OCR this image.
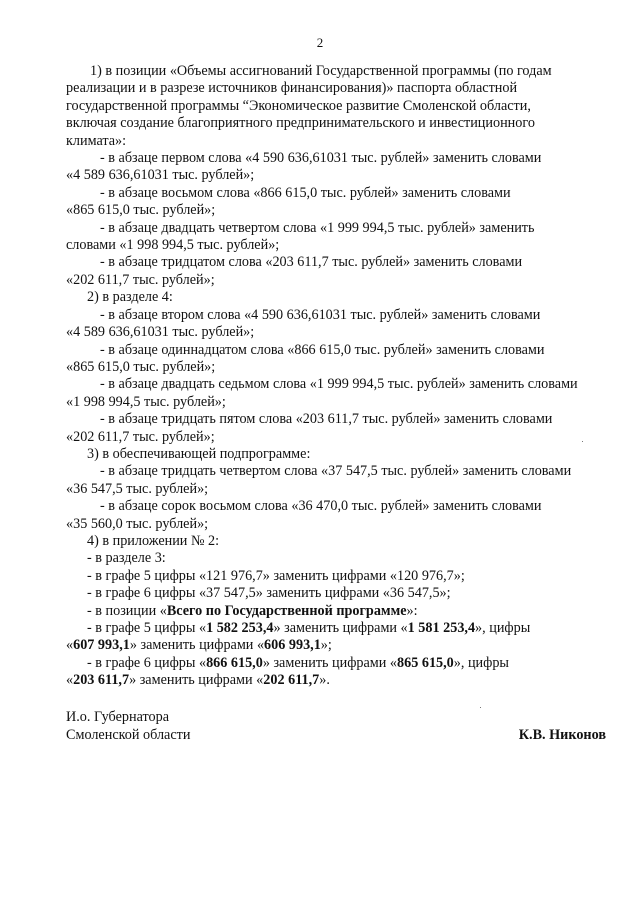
2

1) в позиции «Объемы ассигнований Государственной программы (по годам

реализации и в разрезе источников финансирования)» паспорта областной

государственной программы “Экономическое развитие Смоленской области,

включая создание благоприятного предпринимательского и инвестиционного

климата»:

- в абзаце первом слова «4 590 636,61031 тыс. рублей» заменить словами

«4 589 636,61031 тыс. рублей»;

- в абзаце восьмом слова «866 615,0 тыс. рублей» заменить словами

«865 615,0 тыс. рублей»;

- в абзаце двадцать четвертом слова «1 999 994,5 тыс. рублей» заменить

словами «1 998 994,5 тыс. рублей»;

- в абзаце тридцатом слова «203 611,7 тыс. рублей» заменить словами

«202 611,7 тыс. рублей»;

2) в разделе 4:

- в абзаце втором слова «4 590 636,61031 тыс. рублей» заменить словами

«4 589 636,61031 тыс. рублей»;

- в абзаце одиннадцатом слова «866 615,0 тыс. рублей» заменить словами

«865 615,0 тыс. рублей»;

- в абзаце двадцать седьмом слова «1 999 994,5 тыс. рублей» заменить словами

«1 998 994,5 тыс. рублей»;

- в абзаце тридцать пятом слова «203 611,7 тыс. рублей» заменить словами

«202 611,7 тыс. рублей»;

3) в обеспечивающей подпрограмме:

- в абзаце тридцать четвертом слова «37 547,5 тыс. рублей» заменить словами

«36 547,5 тыс. рублей»;

- в абзаце сорок восьмом слова «36 470,0 тыс. рублей» заменить словами

«35 560,0 тыс. рублей»;

4) в приложении № 2:

- в разделе 3:

- в графе 5 цифры «121 976,7» заменить цифрами «120 976,7»;

- в графе 6 цифры «37 547,5» заменить цифрами «36 547,5»;

- в позиции «Всего по Государственной программе»:

- в графе 5 цифры «1 582 253,4» заменить цифрами «1 581 253,4», цифры

«607 993,1» заменить цифрами «606 993,1»;

- в графе 6 цифры «866 615,0» заменить цифрами «865 615,0», цифры

«203 611,7» заменить цифрами «202 611,7».

И.о. Губернатора
Смоленской области	К.В. Никонов
